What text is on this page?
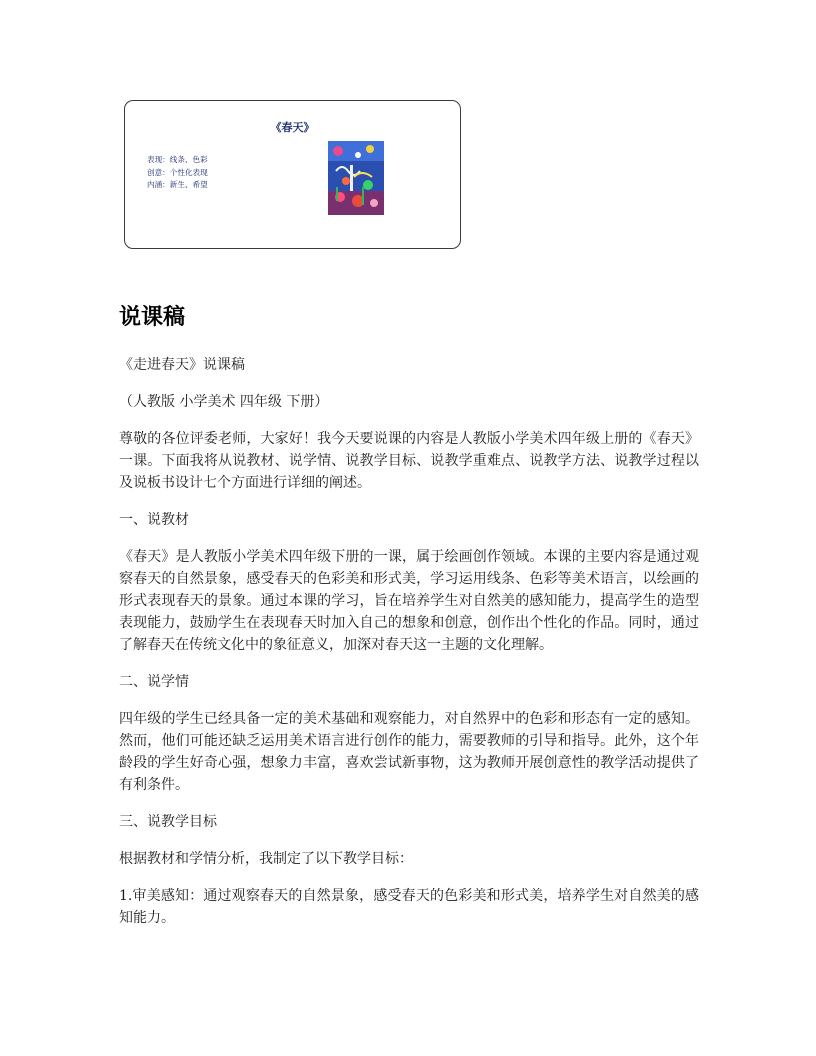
《春天》
表现：线条、色彩
创意：个性化表现
内涵：新生、希望
说课稿

《走进春天》说课稿

（人教版 小学美术 四年级 下册）

尊敬的各位评委老师，大家好！我今天要说课的内容是人教版小学美术四年级上册的《春天》一课。下面我将从说教材、说学情、说教学目标、说教学重难点、说教学方法、说教学过程以及说板书设计七个方面进行详细的阐述。

一、说教材

《春天》是人教版小学美术四年级下册的一课，属于绘画创作领域。本课的主要内容是通过观察春天的自然景象，感受春天的色彩美和形式美，学习运用线条、色彩等美术语言，以绘画的形式表现春天的景象。通过本课的学习，旨在培养学生对自然美的感知能力，提高学生的造型表现能力，鼓励学生在表现春天时加入自己的想象和创意，创作出个性化的作品。同时，通过了解春天在传统文化中的象征意义，加深对春天这一主题的文化理解。

二、说学情

四年级的学生已经具备一定的美术基础和观察能力，对自然界中的色彩和形态有一定的感知。然而，他们可能还缺乏运用美术语言进行创作的能力，需要教师的引导和指导。此外，这个年龄段的学生好奇心强，想象力丰富，喜欢尝试新事物，这为教师开展创意性的教学活动提供了有利条件。

三、说教学目标

根据教材和学情分析，我制定了以下教学目标：

1.审美感知：通过观察春天的自然景象，感受春天的色彩美和形式美，培养学生对自然美的感知能力。
